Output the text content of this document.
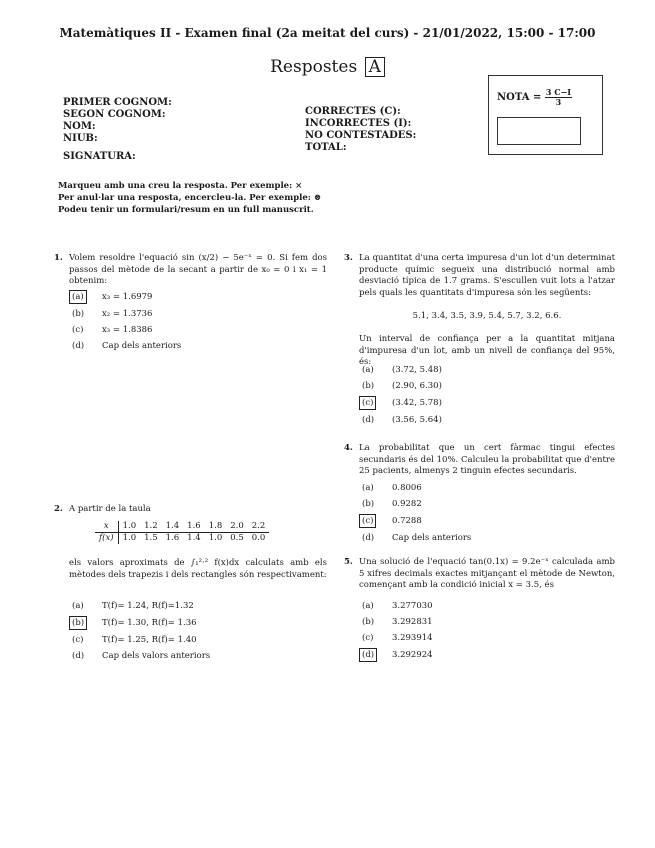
Matemàtiques II - Examen final (2a meitat del curs) - 21/01/2022, 15:00 - 17:00
Respostes A
PRIMER COGNOM:
SEGON COGNOM:
NOM:
NIUB:
SIGNATURA:
CORRECTES (C):
INCORRECTES (I):
NO CONTESTADES:
TOTAL:
NOTA = $\frac{3 C-I}{3}$
Marqueu amb una creu la resposta. Per exemple: ×
Per anul·lar una resposta, encercleu-la. Per exemple: ⊗
Podeu tenir un formulari/resum en un full manuscrit.
1. Volem resoldre l'equació sin (x/2) − 5e⁻ˣ = 0. Si fem dos passos del mètode de la secant a partir de x₀ = 0 i x₁ = 1 obtenim:
(a) x₃ = 1.6979
(b) x₂ = 1.3736
(c) x₃ = 1.8386
(d) Cap dels anteriors
2. A partir de la taula
x	1.0	1.2	1.4	1.6	1.8	2.0	2.2
f(x)	1.0	1.5	1.6	1.4	1.0	0.5	0.0
els valors aproximats de ∫₁²·² f(x)dx calculats amb els mètodes dels trapezis i dels rectangles són respectivament:
(a) T(f)= 1.24, R(f)=1.32
(b) T(f)= 1.30, R(f)= 1.36
(c) T(f)= 1.25, R(f)= 1.40
(d) Cap dels valors anteriors
3. La quantitat d'una certa impuresa d'un lot d'un determinat producte químic segueix una distribució normal amb desviació típica de 1.7 grams. S'escullen vuit lots a l'atzar pels quals les quantitats d'impuresa són les següents:
5.1, 3.4, 3.5, 3.9, 5.4, 5.7, 3.2, 6.6.
Un interval de confiança per a la quantitat mitjana d'impuresa d'un lot, amb un nivell de confiança del 95%, és:
(a) (3.72, 5.48)
(b) (2.90, 6.30)
(c) (3.42, 5.78)
(d) (3.56, 5.64)
4. La probabilitat que un cert fàrmac tingui efectes secundaris és del 10%. Calculeu la probabilitat que d'entre 25 pacients, almenys 2 tinguin efectes secundaris.
(a) 0.8006
(b) 0.9282
(c) 0.7288
(d) Cap dels anteriors
5. Una solució de l'equació tan(0.1x) = 9.2e⁻ˣ calculada amb 5 xifres decimals exactes mitjançant el mètode de Newton, començant amb la condició inicial x = 3.5, és
(a) 3.277030
(b) 3.292831
(c) 3.293914
(d) 3.292924
